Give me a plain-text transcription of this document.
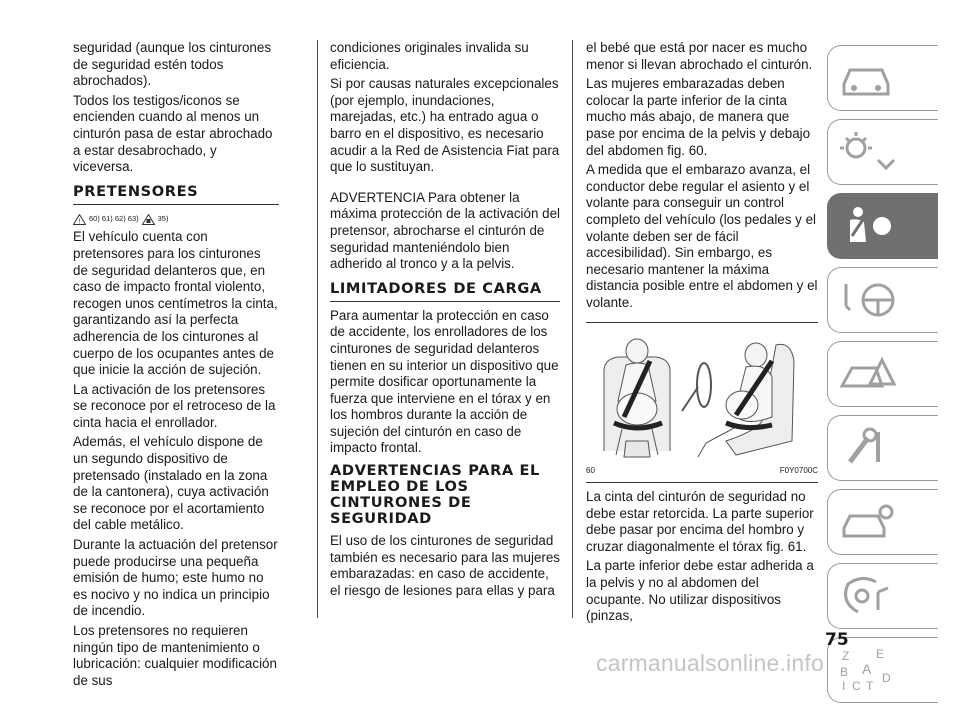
seguridad (aunque los cinturones de seguridad estén todos abrochados).

Todos los testigos/iconos se encienden cuando al menos un cinturón pasa de estar abrochado a estar desabrochado, y viceversa.

PRETENSORES
! 60) 61) 62) 63)	35)

El vehículo cuenta con pretensores para los cinturones de seguridad delanteros que, en caso de impacto frontal violento, recogen unos centímetros la cinta, garantizando así la perfecta adherencia de los cinturones al cuerpo de los ocupantes antes de que inicie la acción de sujeción.

La activación de los pretensores se reconoce por el retroceso de la cinta hacia el enrollador.

Además, el vehículo dispone de un segundo dispositivo de pretensado (instalado en la zona de la cantonera), cuya activación se reconoce por el acortamiento del cable metálico.

Durante la actuación del pretensor puede producirse una pequeña emisión de humo; este humo no es nocivo y no indica un principio de incendio.

Los pretensores no requieren ningún tipo de mantenimiento o lubricación: cualquier modificación de sus

condiciones originales invalida su eficiencia.

Si por causas naturales excepcionales (por ejemplo, inundaciones, marejadas, etc.) ha entrado agua o barro en el dispositivo, es necesario acudir a la Red de Asistencia Fiat para que lo sustituyan.

ADVERTENCIA Para obtener la máxima protección de la activación del pretensor, abrocharse el cinturón de seguridad manteniéndolo bien adherido al tronco y a la pelvis.

LIMITADORES DE CARGA

Para aumentar la protección en caso de accidente, los enrolladores de los cinturones de seguridad delanteros tienen en su interior un dispositivo que permite dosificar oportunamente la fuerza que interviene en el tórax y en los hombros durante la acción de sujeción del cinturón en caso de impacto frontal.

ADVERTENCIAS PARA EL EMPLEO DE LOS CINTURONES DE SEGURIDAD

El uso de los cinturones de seguridad también es necesario para las mujeres embarazadas: en caso de accidente, el riesgo de lesiones para ellas y para

el bebé que está por nacer es mucho menor si llevan abrochado el cinturón.

Las mujeres embarazadas deben colocar la parte inferior de la cinta mucho más abajo, de manera que pase por encima de la pelvis y debajo del abdomen fig. 60.

A medida que el embarazo avanza, el conductor debe regular el asiento y el volante para conseguir un control completo del vehículo (los pedales y el volante deben ser de fácil accesibilidad). Sin embargo, es necesario mantener la máxima distancia posible entre el abdomen y el volante.

60	F0Y0700C

La cinta del cinturón de seguridad no debe estar retorcida. La parte superior debe pasar por encima del hombro y cruzar diagonalmente el tórax fig. 61.

La parte inferior debe estar adherida a la pelvis y no al abdomen del ocupante. No utilizar dispositivos (pinzas,

Z E
B A
I C T
D
75
carmanualsonline.info
